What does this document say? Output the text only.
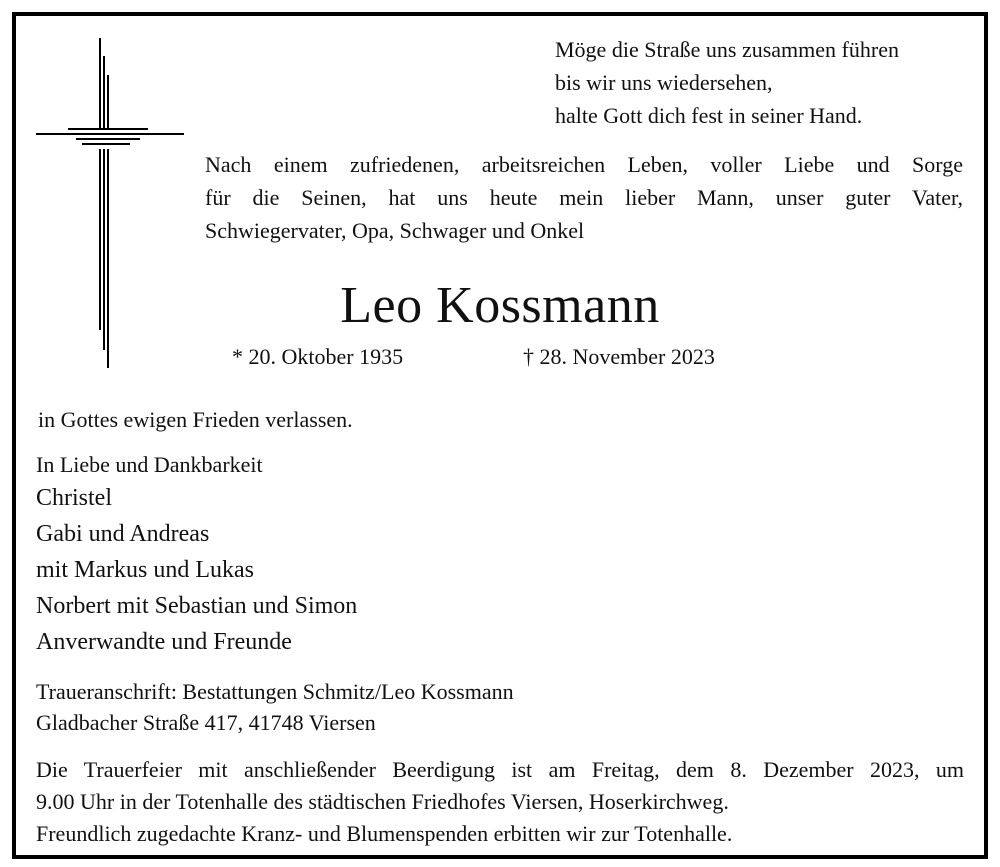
Möge die Straße uns zusammen führen

bis wir uns wiedersehen,

halte Gott dich fest in seiner Hand.

Nach einem zufriedenen, arbeitsreichen Leben, voller Liebe und Sorge
für die Seinen, hat uns heute mein lieber Mann, unser guter Vater,
Schwiegervater, Opa, Schwager und Onkel

Leo Kossmann

* 20. Oktober 1935	† 28. November 2023

in Gottes ewigen Frieden verlassen.

In Liebe und Dankbarkeit

Christel

Gabi und Andreas

mit Markus und Lukas

Norbert mit Sebastian und Simon

Anverwandte und Freunde

Traueranschrift: Bestattungen Schmitz/Leo Kossmann

Gladbacher Straße 417, 41748 Viersen

Die Trauerfeier mit anschließender Beerdigung ist am Freitag, dem 8. Dezember 2023, um
9.00 Uhr in der Totenhalle des städtischen Friedhofes Viersen, Hoserkirchweg.
Freundlich zugedachte Kranz- und Blumenspenden erbitten wir zur Totenhalle.
